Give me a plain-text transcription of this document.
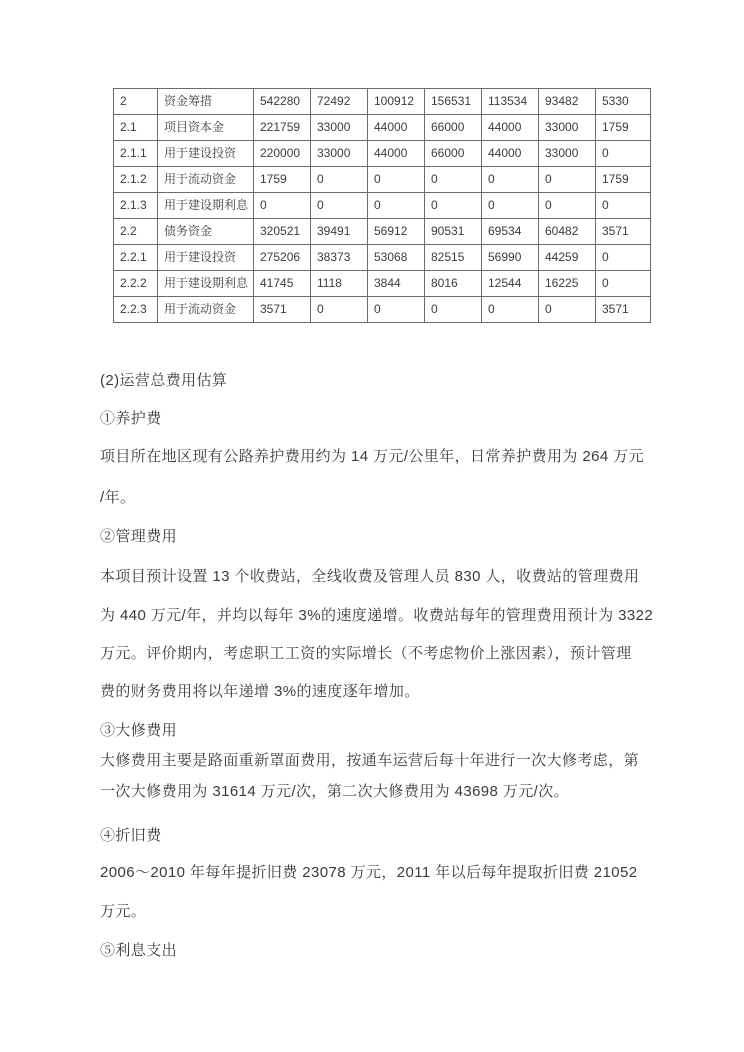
2	资金筹措	542280	72492	100912	156531	113534	93482	5330
2.1	项目资本金	221759	33000	44000	66000	44000	33000	1759
2.1.1	用于建设投资	220000	33000	44000	66000	44000	33000	0
2.1.2	用于流动资金	1759	0	0	0	0	0	1759
2.1.3	用于建设期利息	0	0	0	0	0	0	0
2.2	债务资金	320521	39491	56912	90531	69534	60482	3571
2.2.1	用于建设投资	275206	38373	53068	82515	56990	44259	0
2.2.2	用于建设期利息	41745	1118	3844	8016	12544	16225	0
2.2.3	用于流动资金	3571	0	0	0	0	0	3571
(2)运营总费用估算
①养护费
项目所在地区现有公路养护费用约为 14 万元/公里年，日常养护费用为 264 万元
/年。
②管理费用
本项目预计设置 13 个收费站，全线收费及管理人员 830 人，收费站的管理费用
为 440 万元/年，并均以每年 3%的速度递增。收费站每年的管理费用预计为 3322
万元。评价期内，考虑职工工资的实际增长（不考虑物价上涨因素），预计管理
费的财务费用将以年递增 3%的速度逐年增加。
③大修费用
大修费用主要是路面重新罩面费用，按通车运营后每十年进行一次大修考虑，第
一次大修费用为 31614 万元/次，第二次大修费用为 43698 万元/次。
④折旧费
2006～2010 年每年提折旧费 23078 万元，2011 年以后每年提取折旧费 21052
万元。
⑤利息支出
